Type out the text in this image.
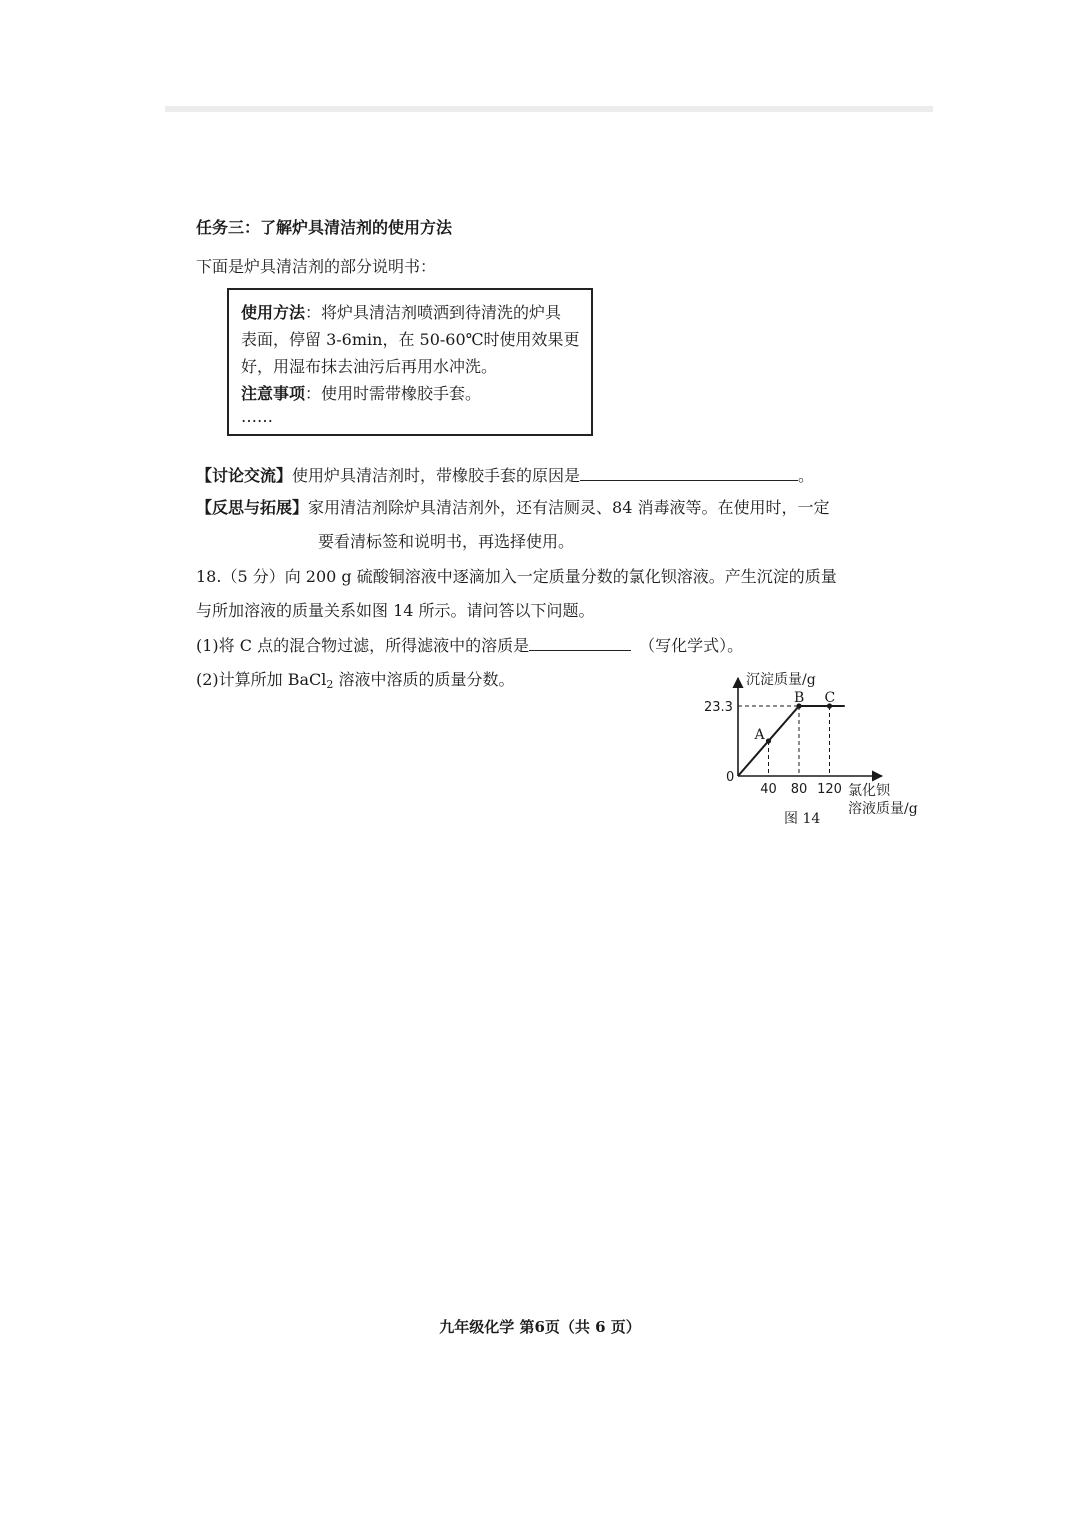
任务三：了解炉具清洁剂的使用方法
下面是炉具清洁剂的部分说明书：
使用方法：将炉具清洁剂喷洒到待清洗的炉具
表面，停留 3-6min，在 50-60℃时使用效果更
好，用湿布抹去油污后再用水冲洗。
注意事项：使用时需带橡胶手套。
……
【讨论交流】使用炉具清洁剂时，带橡胶手套的原因是	。
【反思与拓展】家用清洁剂除炉具清洁剂外，还有洁厕灵、84 消毒液等。在使用时，一定
要看清标签和说明书，再选择使用。
18.（5 分）向 200 g 硫酸铜溶液中逐滴加入一定质量分数的氯化钡溶液。产生沉淀的质量
与所加溶液的质量关系如图 14 所示。请问答以下问题。
(1)将 C 点的混合物过滤，所得滤液中的溶质是	（写化学式）。
(2)计算所加 BaCl$_2$ 溶液中溶质的质量分数。	沉淀质量/g
氯化钡
溶液质量/g
图 14
0
23.3
40 80 120
A
B C
九年级化学 第6页（共 6 页）
